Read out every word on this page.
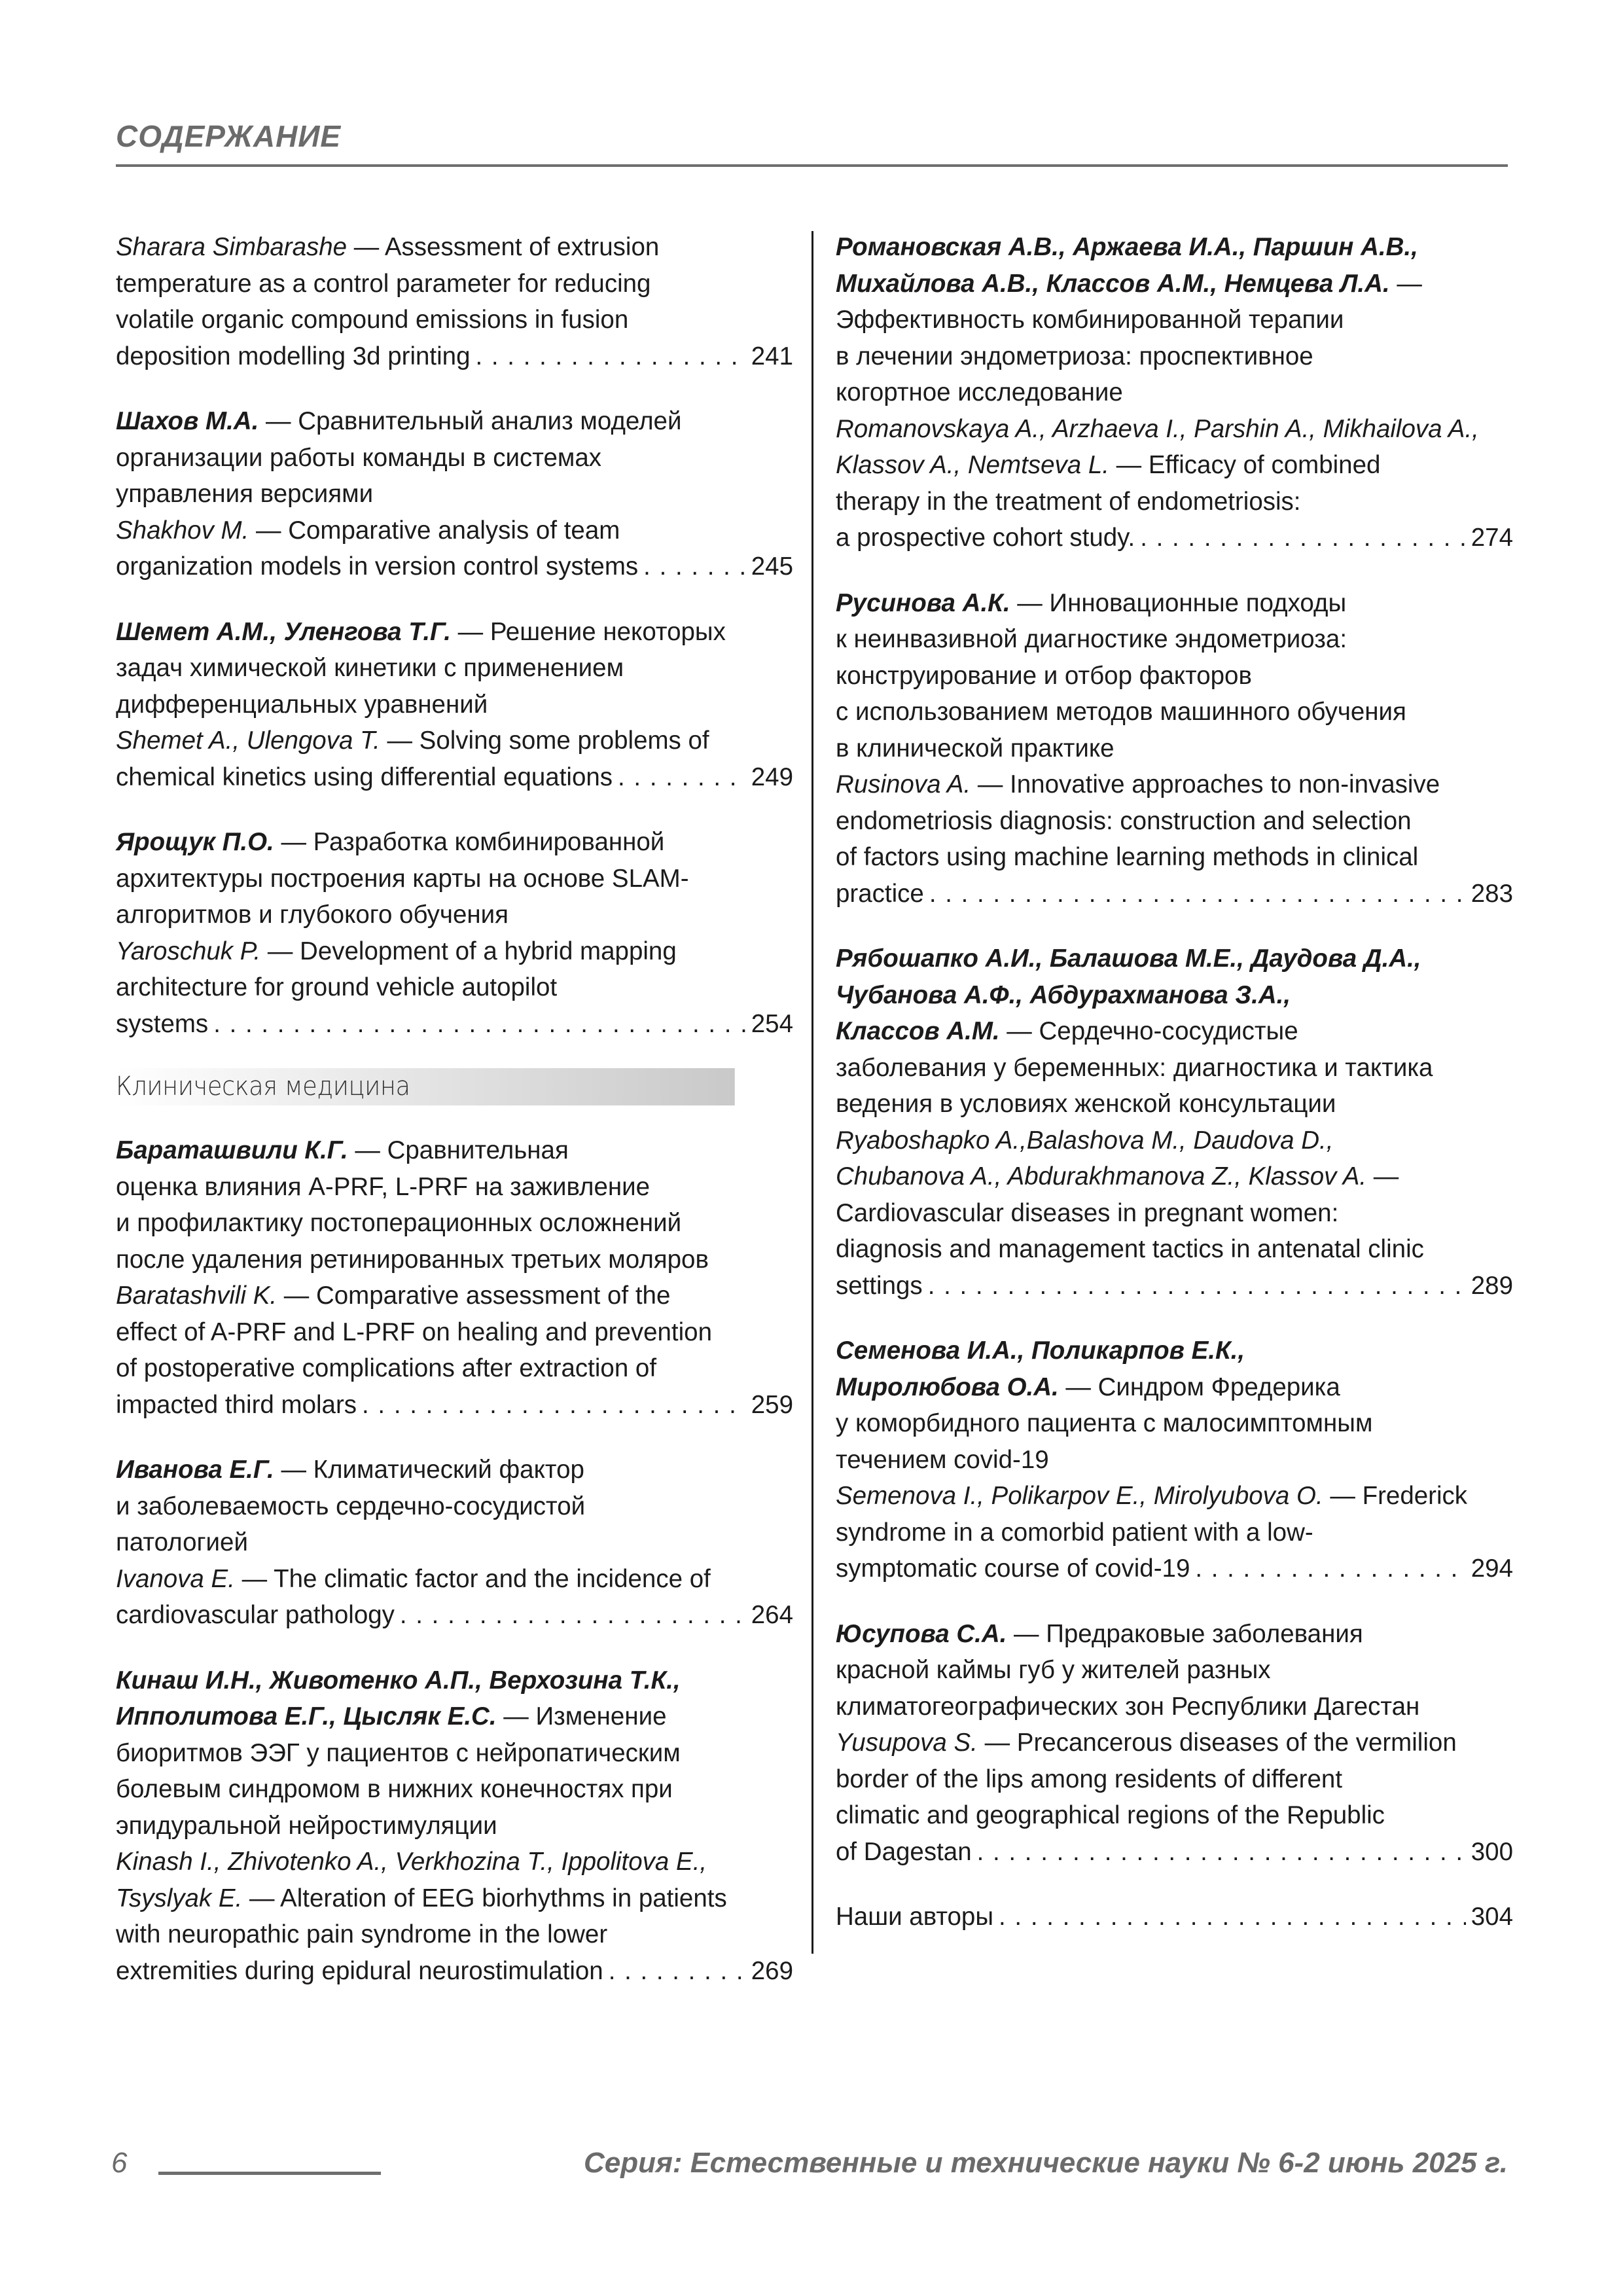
СОДЕРЖАНИЕ
Sharara Simbarashe — Assessment of extrusion
temperature as a control parameter for reducing
volatile organic compound emissions in fusion
deposition modelling 3d printing . . .	241
Шахов М.А. — Сравнительный анализ моделей
организации работы команды в системах
управления версиями
Shakhov M. — Comparative analysis of team
organization models in version control systems . . .	245
Шемет А.М., Уленгова Т.Г. — Решение некоторых
задач химической кинетики с применением
дифференциальных уравнений
Shemet A., Ulengova T. — Solving some problems of
chemical kinetics using differential equations . . .	249
Ярощук П.О. — Разработка комбинированной
архитектуры построения карты на основе SLAM-
алгоритмов и глубокого обучения
Yaroschuk P. — Development of a hybrid mapping
architecture for ground vehicle autopilot
systems . . .	254
Клиническая медицина
Бараташвили К.Г. — Сравнительная
оценка влияния A-PRF, L-PRF на заживление
и профилактику постоперационных осложнений
после удаления ретинированных третьих моляров
Baratashvili K. — Comparative assessment of the
effect of A-PRF and L-PRF on healing and prevention
of postoperative complications after extraction of
impacted third molars . . .	259
Иванова Е.Г. — Климатический фактор
и заболеваемость сердечно-сосудистой
патологией
Ivanova E. — The climatic factor and the incidence of
cardiovascular pathology . . .	264
Кинаш И.Н., Животенко А.П., Верхозина Т.К.,
Ипполитова Е.Г., Цысляк Е.С. — Изменение
биоритмов ЭЭГ у пациентов с нейропатическим
болевым синдромом в нижних конечностях при
эпидуральной нейростимуляции
Kinash I., Zhivotenko A., Verkhozina T., Ippolitova E.,
Tsyslyak E. — Alteration of EEG biorhythms in patients
with neuropathic pain syndrome in the lower
extremities during epidural neurostimulation . . .	269
Романовская А.В., Аржаева И.А., Паршин А.В.,
Михайлова А.В., Классов А.М., Немцева Л.А. —
Эффективность комбинированной терапии
в лечении эндометриоза: проспективное
когортное исследование
Romanovskaya A., Arzhaeva I., Parshin A., Mikhailova A.,
Klassov A., Nemtseva L. — Efficacy of combined
therapy in the treatment of endometriosis:
a prospective cohort study. . . .	274
Русинова А.К. — Инновационные подходы
к неинвазивной диагностике эндометриоза:
конструирование и отбор факторов
с использованием методов машинного обучения
в клинической практике
Rusinova A. — Innovative approaches to non-invasive
endometriosis diagnosis: construction and selection
of factors using machine learning methods in clinical
practice . . .	283
Рябошапко А.И., Балашова М.Е., Даудова Д.А.,
Чубанова А.Ф., Абдурахманова З.А.,
Классов А.М. — Сердечно-сосудистые
заболевания у беременных: диагностика и тактика
ведения в условиях женской консультации
Ryaboshapko A.,Balashova M., Daudova D.,
Chubanova A., Abdurakhmanova Z., Klassov A. —
Cardiovascular diseases in pregnant women:
diagnosis and management tactics in antenatal clinic
settings . . .	289
Семенова И.А., Поликарпов Е.К.,
Миролюбова О.А. — Синдром Фредерика
у коморбидного пациента с малосимптомным
течением covid-19
Semenova I., Polikarpov E., Mirolyubova O. — Frederick
syndrome in a comorbid patient with a low-
symptomatic course of covid-19 . . .	294
Юсупова С.А. — Предраковые заболевания
красной каймы губ у жителей разных
климатогеографических зон Республики Дагестан
Yusupova S. — Precancerous diseases of the vermilion
border of the lips among residents of different
climatic and geographical regions of the Republic
of Dagestan . . .	300
Наши авторы . . .	304
6	Серия: Естественные и технические науки № 6-2 июнь 2025 г.
